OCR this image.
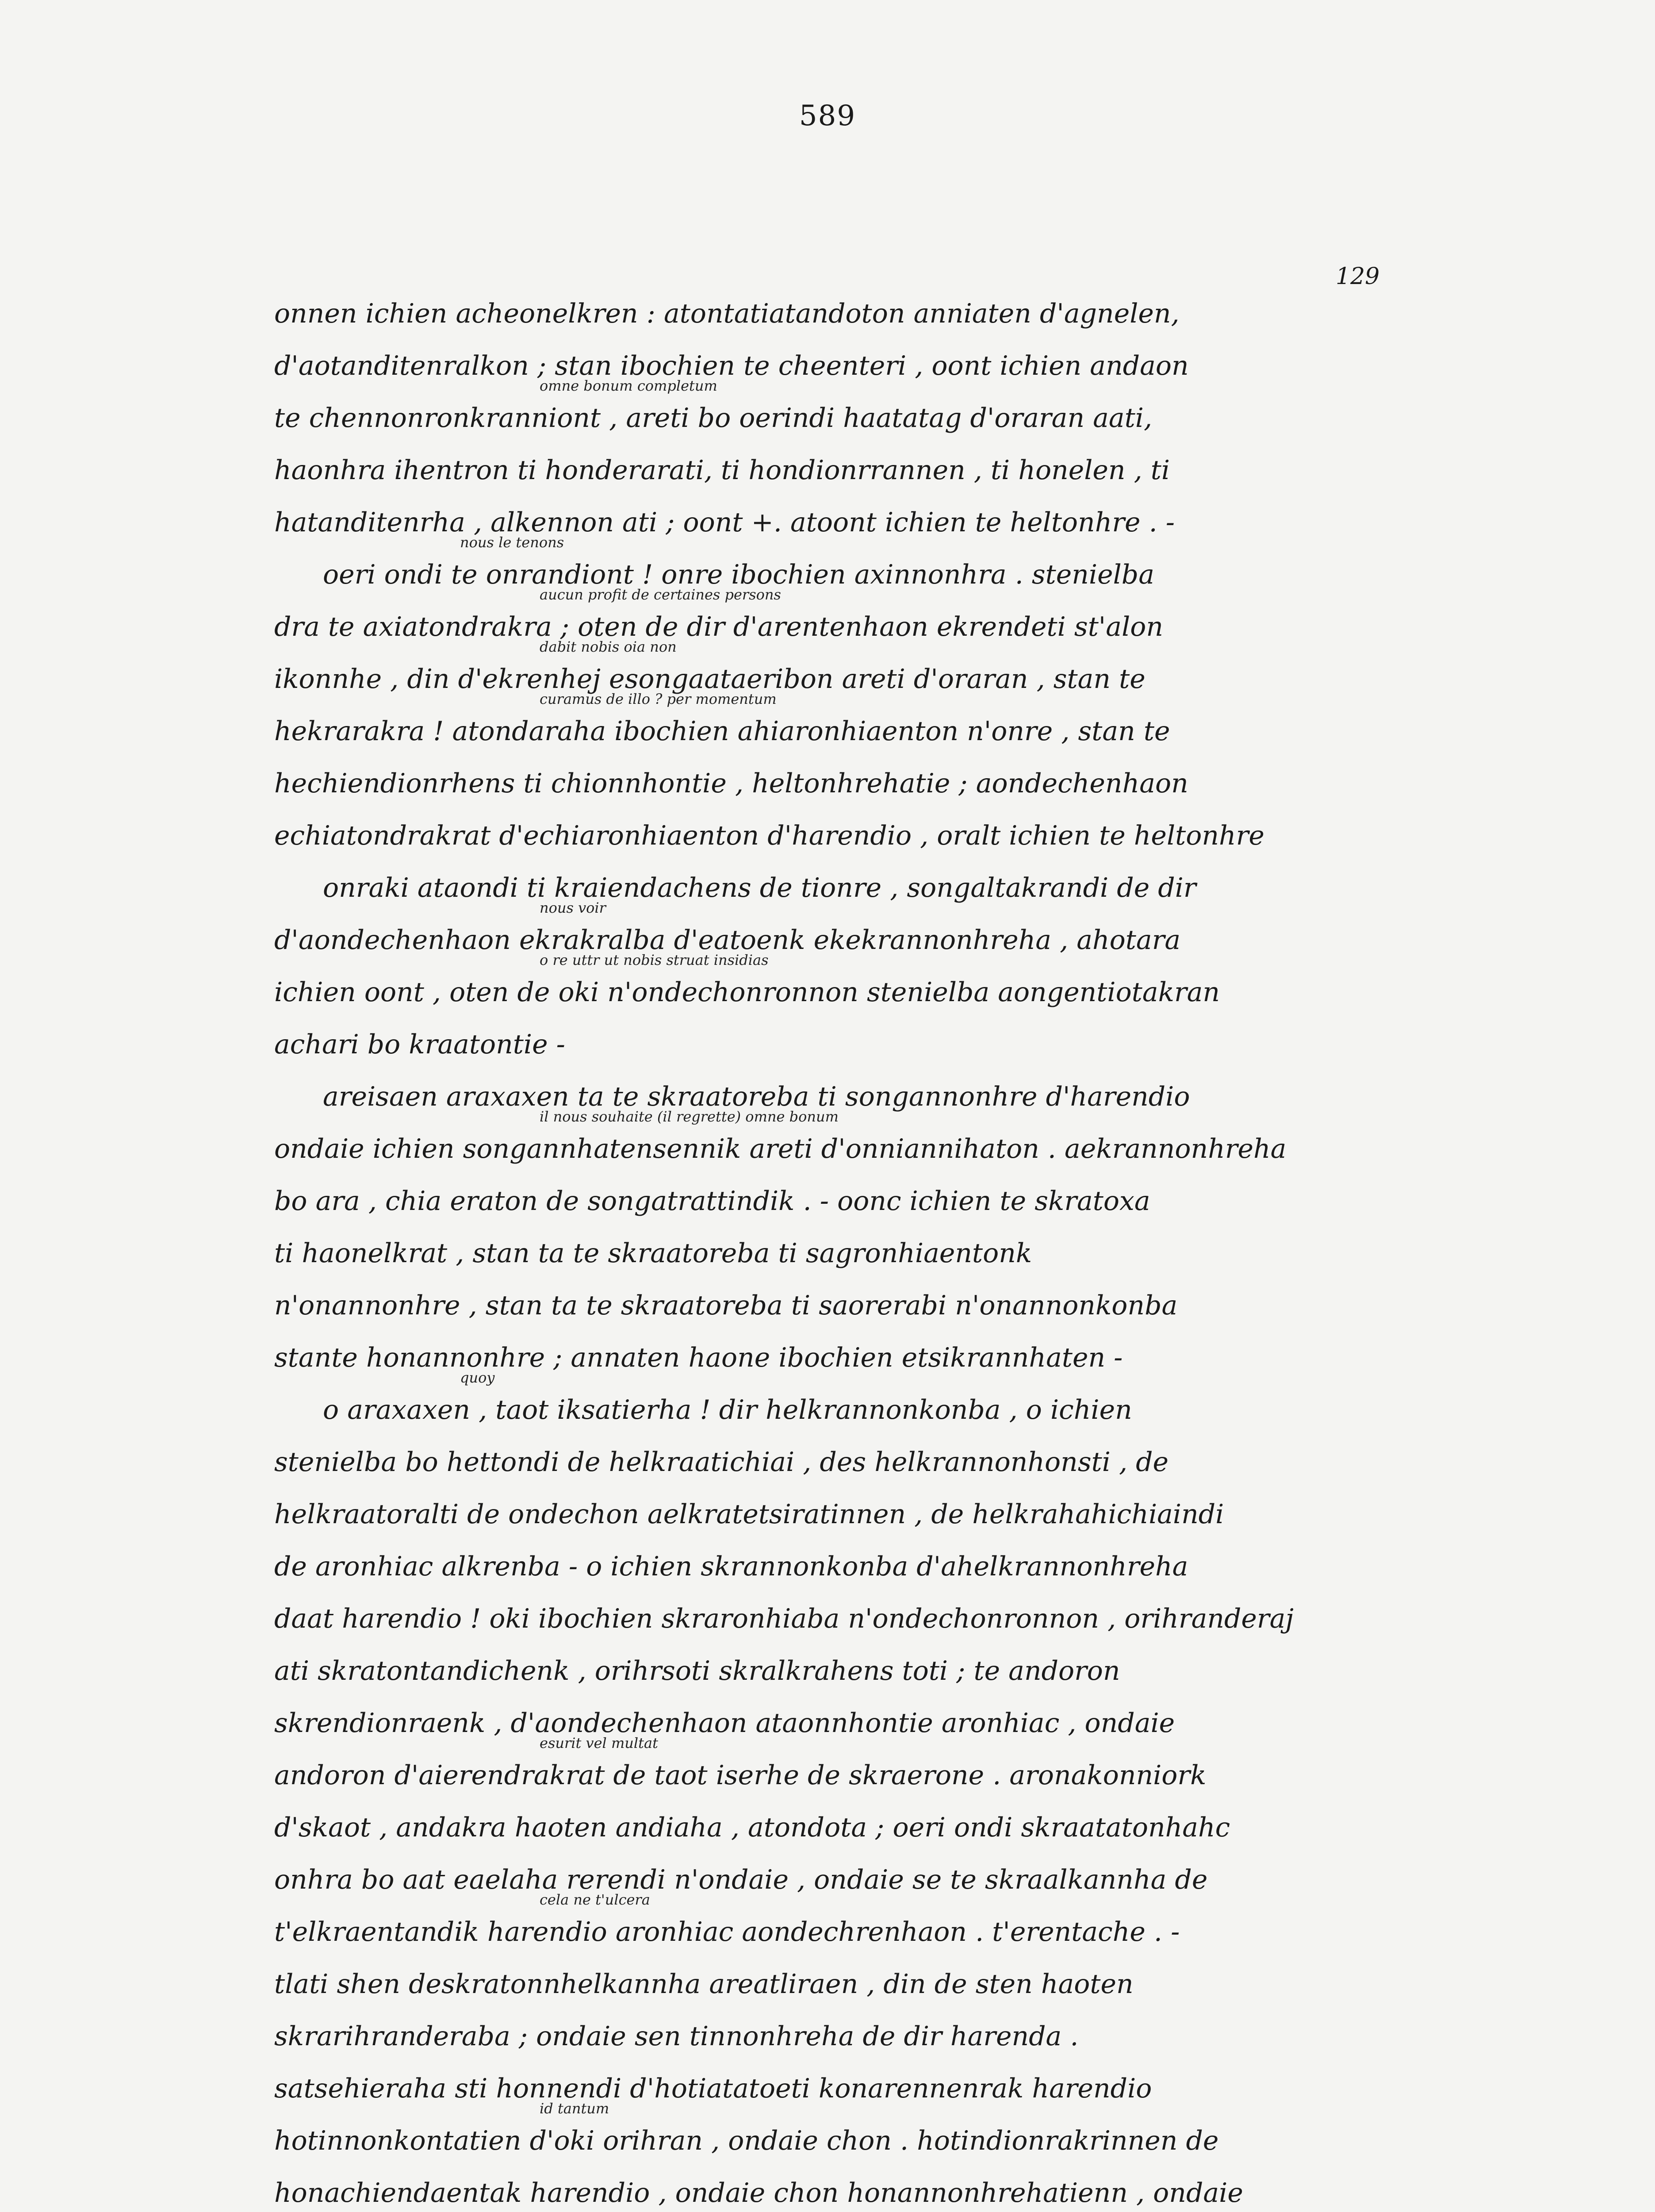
589
129
onnen ichien acheonelkren : atontatiatandoton anniaten d'agnelen,
d'aotanditenralkon ; stan ibochien te cheenteri , oont ichien andaon
omne bonum completum
te chennonronkranniont , areti bo oerindi haatatag d'oraran aati,
haonhra ihentron ti honderarati, ti hondionrrannen , ti honelen , ti
hatanditenrha , alkennon ati ; oont +. atoont ichien te heltonhre . -
nous le tenons
oeri ondi te onrandiont ! onre ibochien axinnonhra . stenielba
aucun profit de certaines persons
dra te axiatondrakra ; oten de dir d'arentenhaon ekrendeti st'alon
dabit nobis oia non
ikonnhe , din d'ekrenhej esongaataeribon areti d'oraran , stan te
curamus de illo ? per momentum
hekrarakra ! atondaraha ibochien ahiaronhiaenton n'onre , stan te
hechiendionrhens ti chionnhontie , heltonhrehatie ; aondechenhaon
echiatondrakrat d'echiaronhiaenton d'harendio , oralt ichien te heltonhre
onraki ataondi ti kraiendachens de tionre , songaltakrandi de dir
nous voir
d'aondechenhaon ekrakralba d'eatoenk ekekrannonhreha , ahotara
o re uttr ut nobis struat insidias
ichien oont , oten de oki n'ondechonronnon stenielba aongentiotakran
achari bo kraatontie -
areisaen araxaxen ta te skraatoreba ti songannonhre d'harendio
il nous souhaite (il regrette) omne bonum
ondaie ichien songannhatensennik areti d'onniannihaton . aekrannonhreha
bo ara , chia eraton de songatrattindik . - oonc ichien te skratoxa
ti haonelkrat , stan ta te skraatoreba ti sagronhiaentonk
n'onannonhre , stan ta te skraatoreba ti saorerabi n'onannonkonba
stante honannonhre ; annaten haone ibochien etsikrannhaten -
quoy
o araxaxen , taot iksatierha ! dir helkrannonkonba , o ichien
stenielba bo hettondi de helkraatichiai , des helkrannonhonsti , de
helkraatoralti de ondechon aelkratetsiratinnen , de helkrahahichiaindi
de aronhiac alkrenba - o ichien skrannonkonba d'ahelkrannonhreha
daat harendio ! oki ibochien skraronhiaba n'ondechonronnon , orihranderaj
ati skratontandichenk , orihrsoti skralkrahens toti ; te andoron
skrendionraenk , d'aondechenhaon ataonnhontie aronhiac , ondaie
esurit vel multat
andoron d'aierendrakrat de taot iserhe de skraerone . aronakonniork
d'skaot , andakra haoten andiaha , atondota ; oeri ondi skraatatonhahc
onhra bo aat eaelaha rerendi n'ondaie , ondaie se te skraalkannha de
cela ne t'ulcera
t'elkraentandik harendio aronhiac aondechrenhaon . t'erentache . -
tlati shen deskratonnhelkannha areatliraen , din de sten haoten
skrarihranderaba ; ondaie sen tinnonhreha de dir harenda .
satsehieraha sti honnendi d'hotiatatoeti konarennenrak harendio
id tantum
hotinnonkontatien d'oki orihran , ondaie chon . hotindionrakrinnen de
honachiendaentak harendio , ondaie chon honannonhrehatienn , ondaie
